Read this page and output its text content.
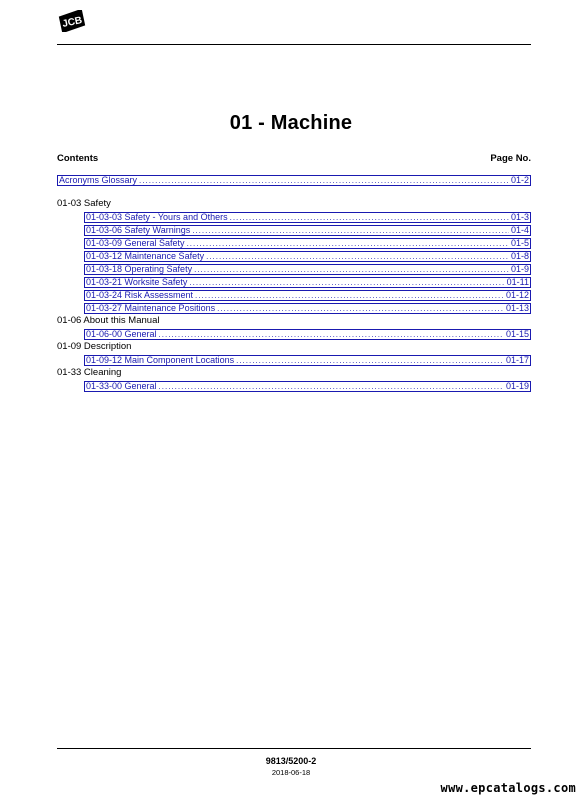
JCB
01 - Machine
Contents	Page No.
Acronyms Glossary .....	01-2
01-03 Safety
01-03-03 Safety - Yours and Others .....	01-3
01-03-06 Safety Warnings .....	01-4
01-03-09 General Safety .....	01-5
01-03-12 Maintenance Safety .....	01-8
01-03-18 Operating Safety .....	01-9
01-03-21 Worksite Safety .....	01-11
01-03-24 Risk Assessment .....	01-12
01-03-27 Maintenance Positions .....	01-13
01-06 About this Manual
01-06-00 General .....	01-15
01-09 Description
01-09-12 Main Component Locations .....	01-17
01-33 Cleaning
01-33-00 General .....	01-19
9813/5200-2
2018-06-18
www.epcatalogs.com
